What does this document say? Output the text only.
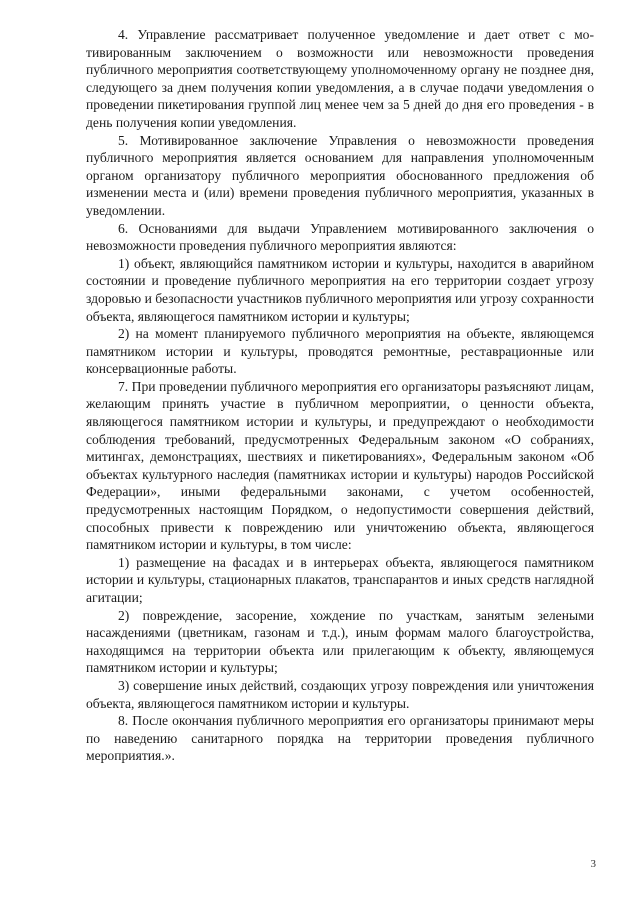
4. Управление рассматривает полученное уведомление и дает ответ с мотивированным заключением о возможности или невозможности проведения публичного мероприятия соответствующему уполномоченному органу не позднее дня, следующего за днем получения копии уведомления, а в случае подачи уведомления о проведении пикетирования группой лиц менее чем за 5 дней до дня его проведения - в день получения копии уведомления.

5. Мотивированное заключение Управления о невозможности проведения публичного мероприятия является основанием для направления уполномоченным органом организатору публичного мероприятия обоснованного предложения об изменении места и (или) времени проведения публичного мероприятия, указанных в уведомлении.

6. Основаниями для выдачи Управлением мотивированного заключения о невозможности проведения публичного мероприятия являются:

1) объект, являющийся памятником истории и культуры, находится в аварийном состоянии и проведение публичного мероприятия на его территории создает угрозу здоровью и безопасности участников публичного мероприятия или угрозу сохранности объекта, являющегося памятником истории и культуры;

2) на момент планируемого публичного мероприятия на объекте, являющемся памятником истории и культуры, проводятся ремонтные, реставрационные или консервационные работы.

7. При проведении публичного мероприятия его организаторы разъясняют лицам, желающим принять участие в публичном мероприятии, о ценности объекта, являющегося памятником истории и культуры, и предупреждают о необходимости соблюдения требований, предусмотренных Федеральным законом «О собраниях, митингах, демонстрациях, шествиях и пикетированиях», Федеральным законом «Об объектах культурного наследия (памятниках истории и культуры) народов Российской Федерации», иными федеральными законами, с учетом особенностей, предусмотренных настоящим Порядком, о недопустимости совершения действий, способных привести к повреждению или уничтожению объекта, являющегося памятником истории и культуры, в том числе:

1) размещение на фасадах и в интерьерах объекта, являющегося памятником истории и культуры, стационарных плакатов, транспарантов и иных средств наглядной агитации;

2) повреждение, засорение, хождение по участкам, занятым зелеными насаждениями (цветникам, газонам и т.д.), иным формам малого благоустройства, находящимся на территории объекта или прилегающим к объекту, являющемуся памятником истории и культуры;

3) совершение иных действий, создающих угрозу повреждения или уничтожения объекта, являющегося памятником истории и культуры.

8. После окончания публичного мероприятия его организаторы принимают меры по наведению санитарного порядка на территории проведения публичного мероприятия.».

3
